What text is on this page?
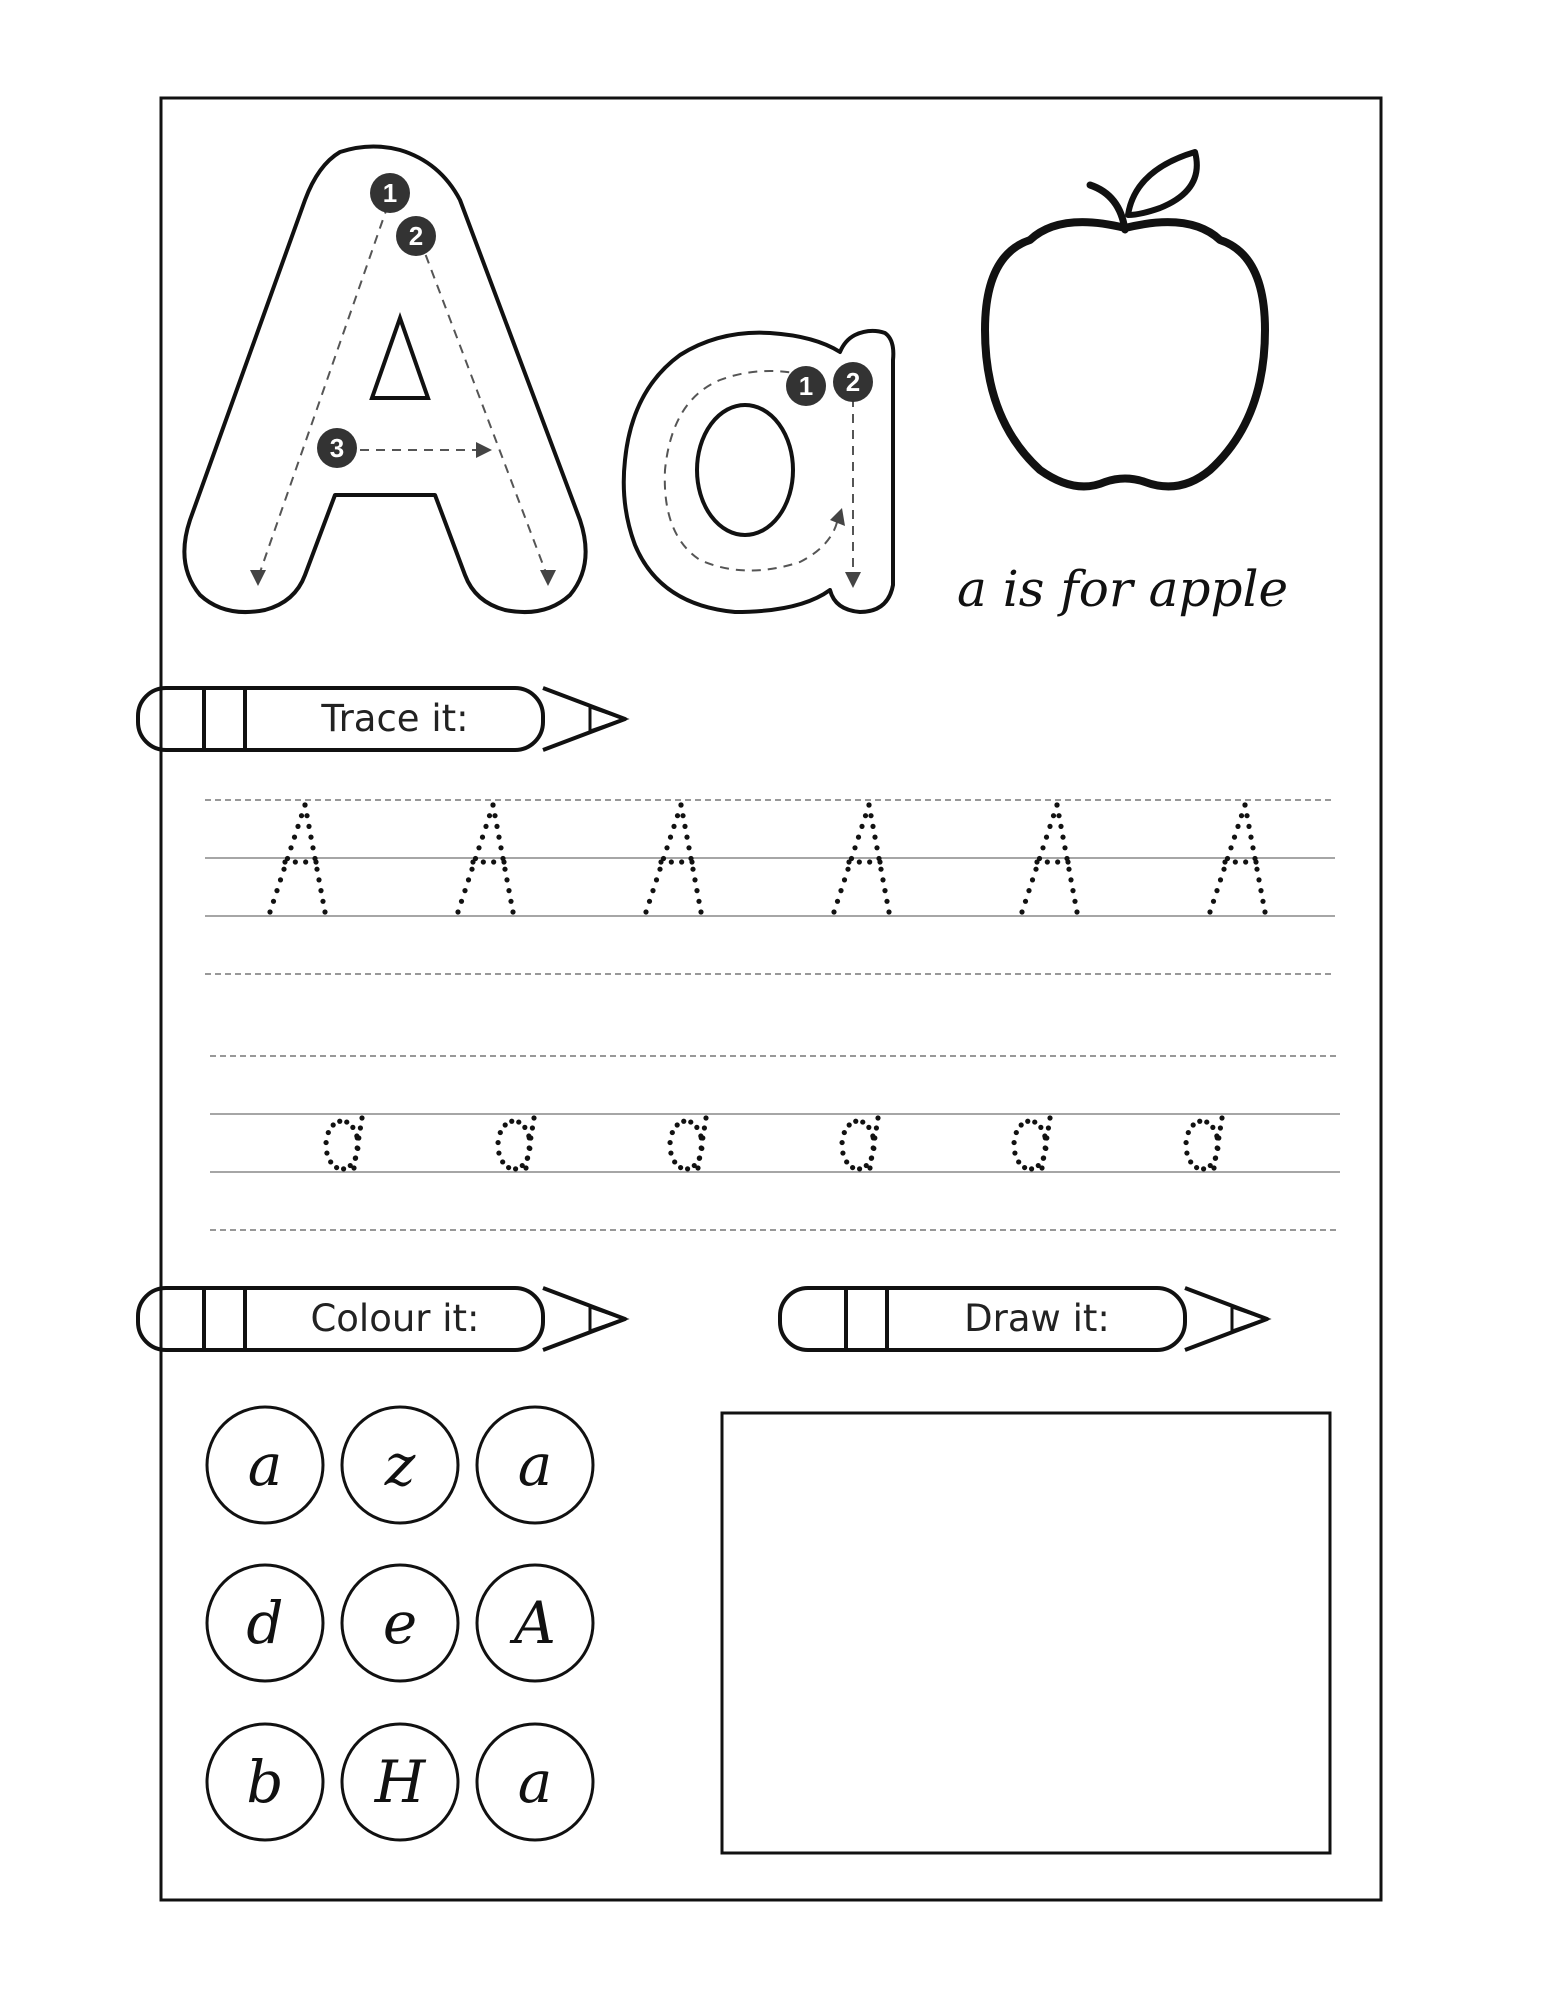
1
2
3
1 2
a is for apple
Trace it:
Colour it:	Draw it:
a	z	a
d	e	A
b	H	a
